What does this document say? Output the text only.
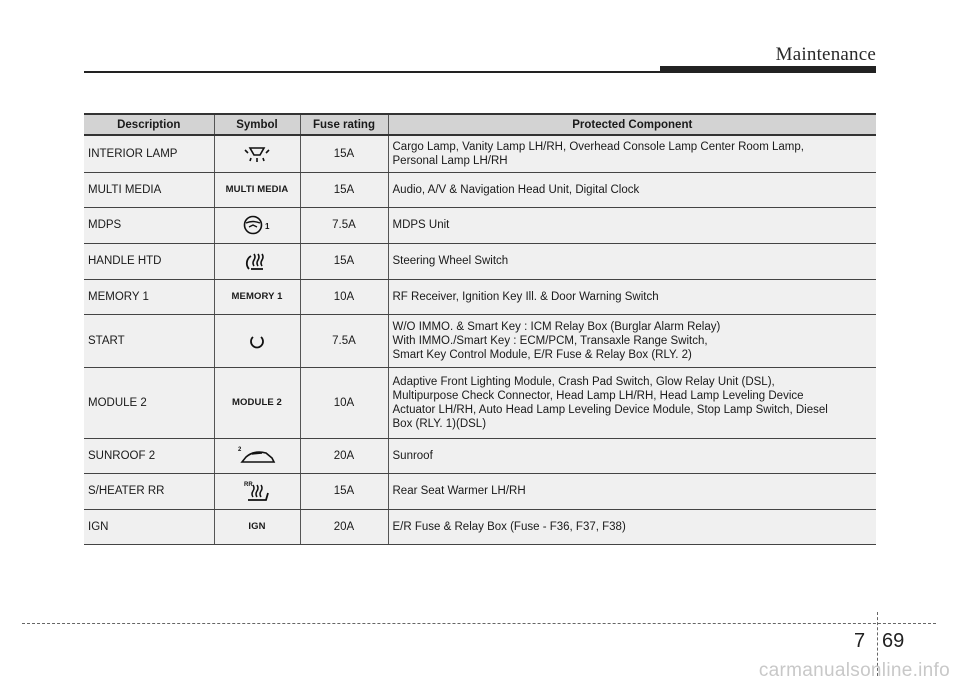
Maintenance
Description	Symbol	Fuse rating	Protected Component
INTERIOR LAMP		15A	Cargo Lamp, Vanity Lamp LH/RH, Overhead Console Lamp Center Room Lamp,
Personal Lamp LH/RH

MULTI MEDIA	MULTI MEDIA	15A	Audio, A/V & Navigation Head Unit, Digital Clock

MDPS	1	7.5A	MDPS Unit

HANDLE HTD		15A	Steering Wheel Switch

MEMORY 1	MEMORY 1	10A	RF Receiver, Ignition Key Ill. & Door Warning Switch

START		7.5A	W/O IMMO. & Smart Key : ICM Relay Box (Burglar Alarm Relay)
With IMMO./Smart Key : ECM/PCM, Transaxle Range Switch,
Smart Key Control Module, E/R Fuse & Relay Box (RLY. 2)

MODULE 2	MODULE 2	10A	Adaptive Front Lighting Module, Crash Pad Switch, Glow Relay Unit (DSL),
Multipurpose Check Connector, Head Lamp LH/RH, Head Lamp Leveling Device
Actuator LH/RH, Auto Head Lamp Leveling Device Module, Stop Lamp Switch, Diesel
Box (RLY. 1)(DSL)

SUNROOF 2	2	20A	Sunroof

S/HEATER RR	RR	15A	Rear Seat Warmer LH/RH

IGN	IGN	20A	E/R Fuse & Relay Box (Fuse - F36, F37, F38)
7 69
carmanualsonline.info
